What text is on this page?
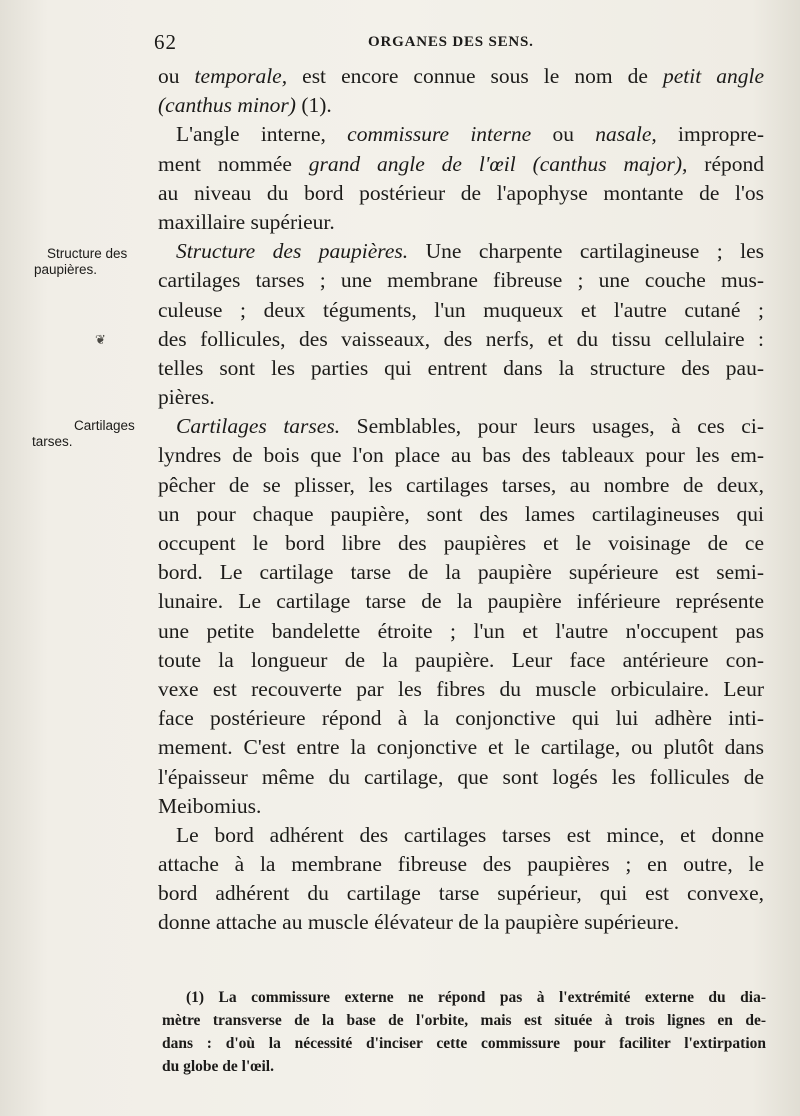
62	ORGANES DES SENS.
Structure des
paupières.
❦
Cartilages
tarses.
ou temporale, est encore connue sous le nom de petit angle
(canthus minor) (1).
L'angle interne, commissure interne ou nasale, impropre-
ment nommée grand angle de l'œil (canthus major), répond
au niveau du bord postérieur de l'apophyse montante de l'os
maxillaire supérieur.
Structure des paupières. Une charpente cartilagineuse ; les
cartilages tarses ; une membrane fibreuse ; une couche mus-
culeuse ; deux téguments, l'un muqueux et l'autre cutané ;
des follicules, des vaisseaux, des nerfs, et du tissu cellulaire :
telles sont les parties qui entrent dans la structure des pau-
pières.
Cartilages tarses. Semblables, pour leurs usages, à ces ci-
lyndres de bois que l'on place au bas des tableaux pour les em-
pêcher de se plisser, les cartilages tarses, au nombre de deux,
un pour chaque paupière, sont des lames cartilagineuses qui
occupent le bord libre des paupières et le voisinage de ce
bord. Le cartilage tarse de la paupière supérieure est semi-
lunaire. Le cartilage tarse de la paupière inférieure représente
une petite bandelette étroite ; l'un et l'autre n'occupent pas
toute la longueur de la paupière. Leur face antérieure con-
vexe est recouverte par les fibres du muscle orbiculaire. Leur
face postérieure répond à la conjonctive qui lui adhère inti-
mement. C'est entre la conjonctive et le cartilage, ou plutôt dans
l'épaisseur même du cartilage, que sont logés les follicules de
Meibomius.
Le bord adhérent des cartilages tarses est mince, et donne
attache à la membrane fibreuse des paupières ; en outre, le
bord adhérent du cartilage tarse supérieur, qui est convexe,
donne attache au muscle élévateur de la paupière supérieure.
(1) La commissure externe ne répond pas à l'extrémité externe du dia-
mètre transverse de la base de l'orbite, mais est située à trois lignes en de-
dans : d'où la nécessité d'inciser cette commissure pour faciliter l'extirpation
du globe de l'œil.
